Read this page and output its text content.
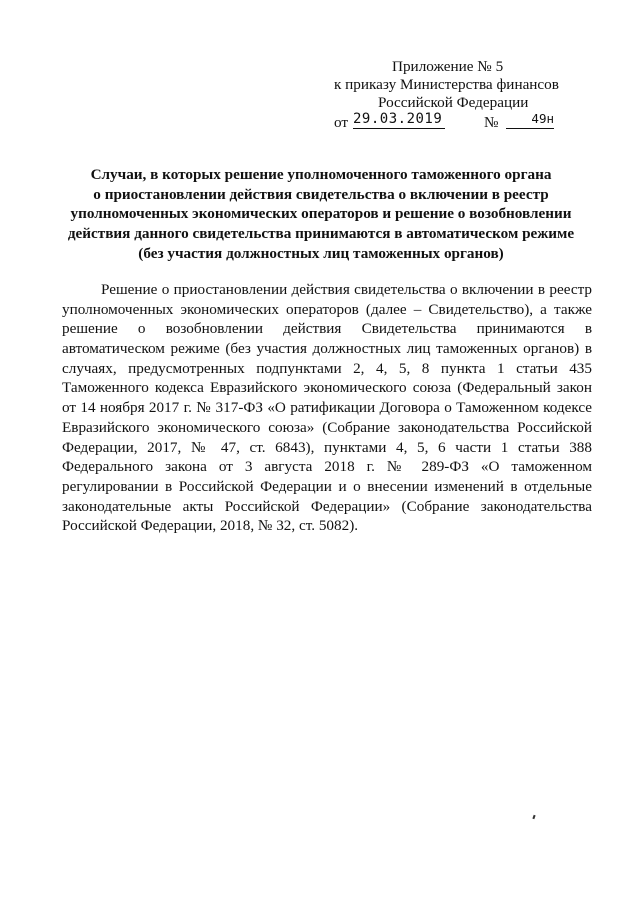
Приложение № 5
к приказу Министерства финансов
Российской Федерации
от 29.03.2019	№	49н
Случаи, в которых решение уполномоченного таможенного органа
о приостановлении действия свидетельства о включении в реестр
уполномоченных экономических операторов и решение о возобновлении
действия данного свидетельства принимаются в автоматическом режиме
(без участия должностных лиц таможенных органов)
Решение о приостановлении действия свидетельства о включении в реестр
уполномоченных экономических операторов (далее – Свидетельство), а также
решение о возобновлении действия Свидетельства принимаются в
автоматическом режиме (без участия должностных лиц таможенных органов) в
случаях, предусмотренных подпунктами 2, 4, 5, 8 пункта 1 статьи 435
Таможенного кодекса Евразийского экономического союза (Федеральный закон
от 14 ноября 2017 г. № 317-ФЗ «О ратификации Договора о Таможенном кодексе
Евразийского экономического союза» (Собрание законодательства Российской
Федерации, 2017, № 47, ст. 6843), пунктами 4, 5, 6 части 1 статьи 388
Федерального закона от 3 августа 2018 г. № 289-ФЗ «О таможенном
регулировании в Российской Федерации и о внесении изменений в отдельные
законодательные акты Российской Федерации» (Собрание законодательства
Российской Федерации, 2018, № 32, ст. 5082).
